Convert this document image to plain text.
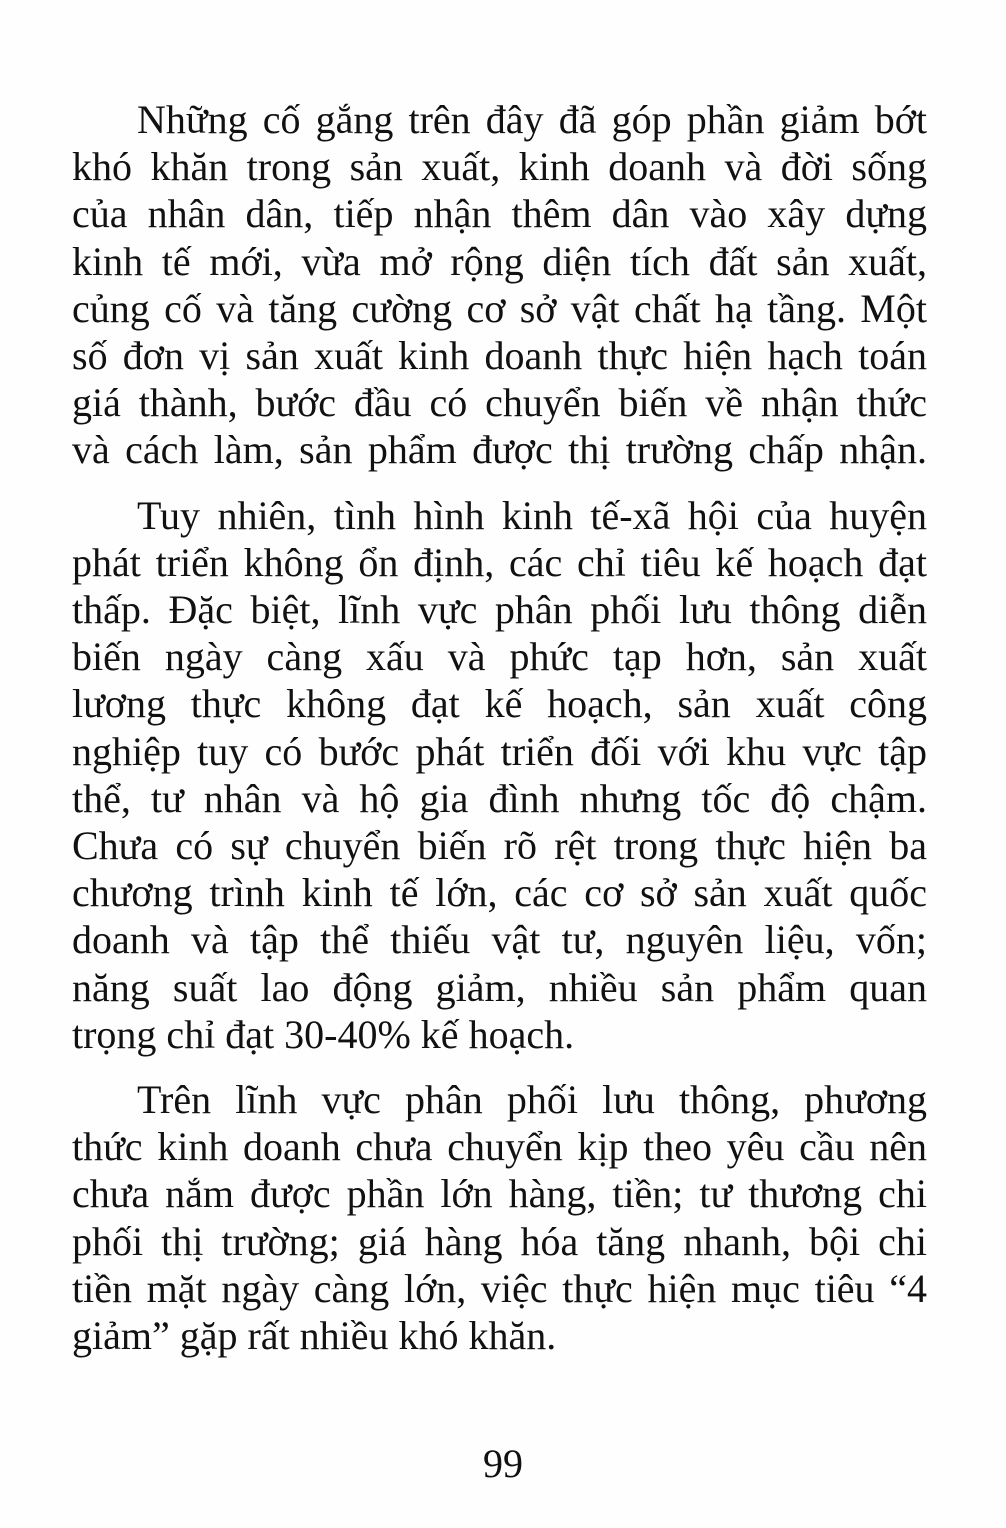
Những cố gắng trên đây đã góp phần giảm bớt
khó khăn trong sản xuất, kinh doanh và đời sống
của nhân dân, tiếp nhận thêm dân vào xây dựng
kinh tế mới, vừa mở rộng diện tích đất sản xuất,
củng cố và tăng cường cơ sở vật chất hạ tầng. Một
số đơn vị sản xuất kinh doanh thực hiện hạch toán
giá thành, bước đầu có chuyển biến về nhận thức
và cách làm, sản phẩm được thị trường chấp nhận.
Tuy nhiên, tình hình kinh tế-xã hội của huyện
phát triển không ổn định, các chỉ tiêu kế hoạch đạt
thấp. Đặc biệt, lĩnh vực phân phối lưu thông diễn
biến ngày càng xấu và phức tạp hơn, sản xuất
lương thực không đạt kế hoạch, sản xuất công
nghiệp tuy có bước phát triển đối với khu vực tập
thể, tư nhân và hộ gia đình nhưng tốc độ chậm.
Chưa có sự chuyển biến rõ rệt trong thực hiện ba
chương trình kinh tế lớn, các cơ sở sản xuất quốc
doanh và tập thể thiếu vật tư, nguyên liệu, vốn;
năng suất lao động giảm, nhiều sản phẩm quan
trọng chỉ đạt 30-40% kế hoạch.
Trên lĩnh vực phân phối lưu thông, phương
thức kinh doanh chưa chuyển kịp theo yêu cầu nên
chưa nắm được phần lớn hàng, tiền; tư thương chi
phối thị trường; giá hàng hóa tăng nhanh, bội chi
tiền mặt ngày càng lớn, việc thực hiện mục tiêu “4
giảm” gặp rất nhiều khó khăn.
99
